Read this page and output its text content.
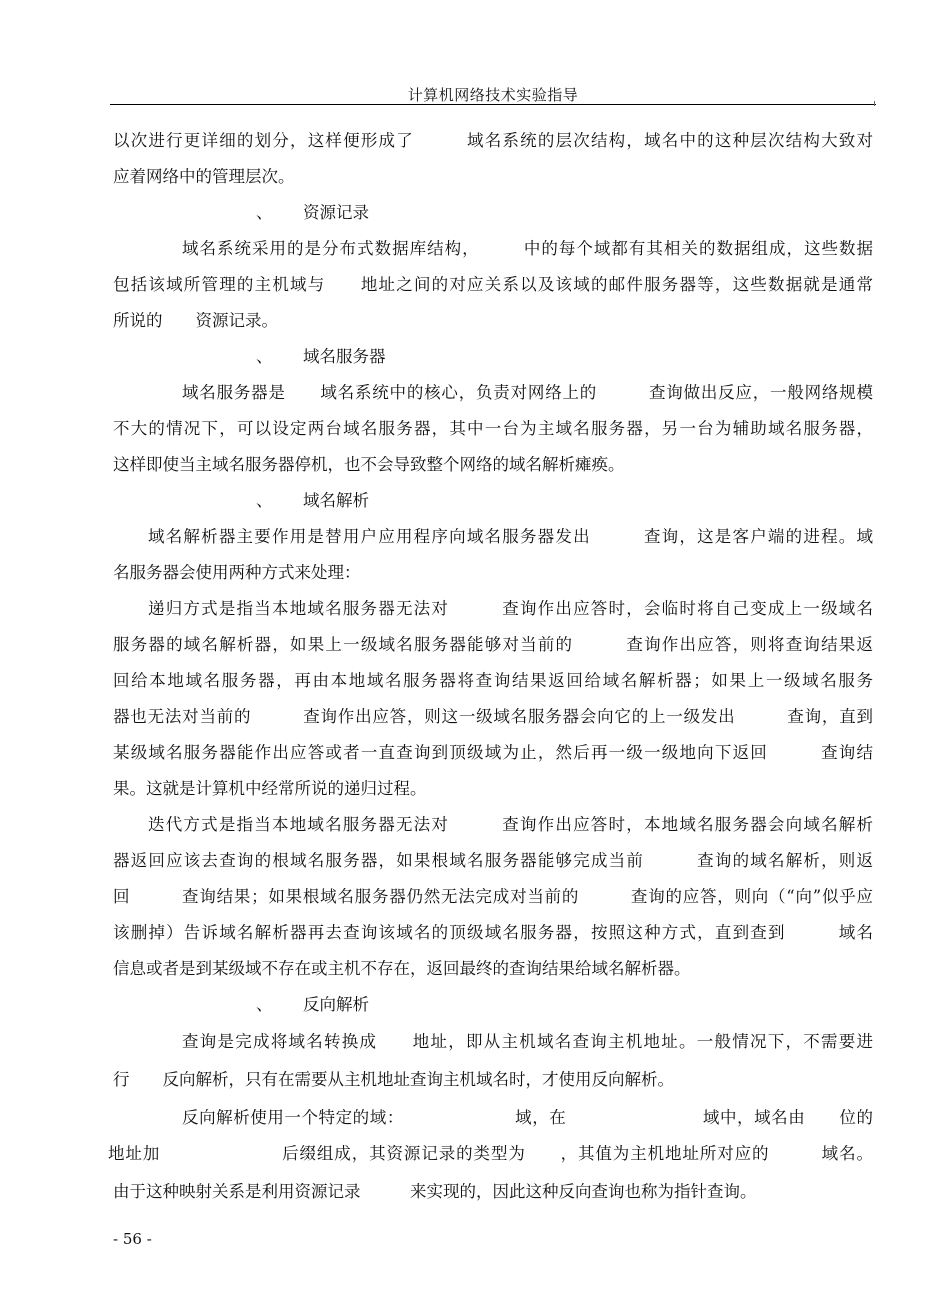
计算机网络技术实验指导
以次进行更详细的划分，这样便形成了　　　域名系统的层次结构，域名中的这种层次结构大致对
应着网络中的管理层次。
、 资源记录
域名系统采用的是分布式数据库结构，　　　中的每个域都有其相关的数据组成，这些数据
包括该域所管理的主机域与　　地址之间的对应关系以及该域的邮件服务器等，这些数据就是通常
所说的　　资源记录。
、 域名服务器
域名服务器是　　域名系统中的核心，负责对网络上的　　　查询做出反应，一般网络规模
不大的情况下，可以设定两台域名服务器，其中一台为主域名服务器，另一台为辅助域名服务器，
这样即使当主域名服务器停机，也不会导致整个网络的域名解析瘫痪。
、 域名解析
域名解析器主要作用是替用户应用程序向域名服务器发出　　　查询，这是客户端的进程。域
名服务器会使用两种方式来处理：
递归方式是指当本地域名服务器无法对　　　查询作出应答时，会临时将自己变成上一级域名
服务器的域名解析器，如果上一级域名服务器能够对当前的　　　查询作出应答，则将查询结果返
回给本地域名服务器，再由本地域名服务器将查询结果返回给域名解析器；如果上一级域名服务
器也无法对当前的　　　查询作出应答，则这一级域名服务器会向它的上一级发出　　　查询，直到
某级域名服务器能作出应答或者一直查询到顶级域为止，然后再一级一级地向下返回　　　查询结
果。这就是计算机中经常所说的递归过程。
迭代方式是指当本地域名服务器无法对　　　查询作出应答时，本地域名服务器会向域名解析
器返回应该去查询的根域名服务器，如果根域名服务器能够完成当前　　　查询的域名解析，则返
回　　　查询结果；如果根域名服务器仍然无法完成对当前的　　　查询的应答，则向（“向”似乎应
该删掉）告诉域名解析器再去查询该域名的顶级域名服务器，按照这种方式，直到查到　　　域名
信息或者是到某级域不存在或主机不存在，返回最终的查询结果给域名解析器。
、 反向解析
查询是完成将域名转换成　　地址，即从主机域名查询主机地址。一般情况下，不需要进
行　　反向解析，只有在需要从主机地址查询主机域名时，才使用反向解析。
反向解析使用一个特定的域：　　　　　　　域，在　　　　　　　　域中，域名由　　位的
地址加　　　　　　　后缀组成，其资源记录的类型为　　，其值为主机地址所对应的　　　域名。
由于这种映射关系是利用资源记录　　　来实现的，因此这种反向查询也称为指针查询。
- 56 -
